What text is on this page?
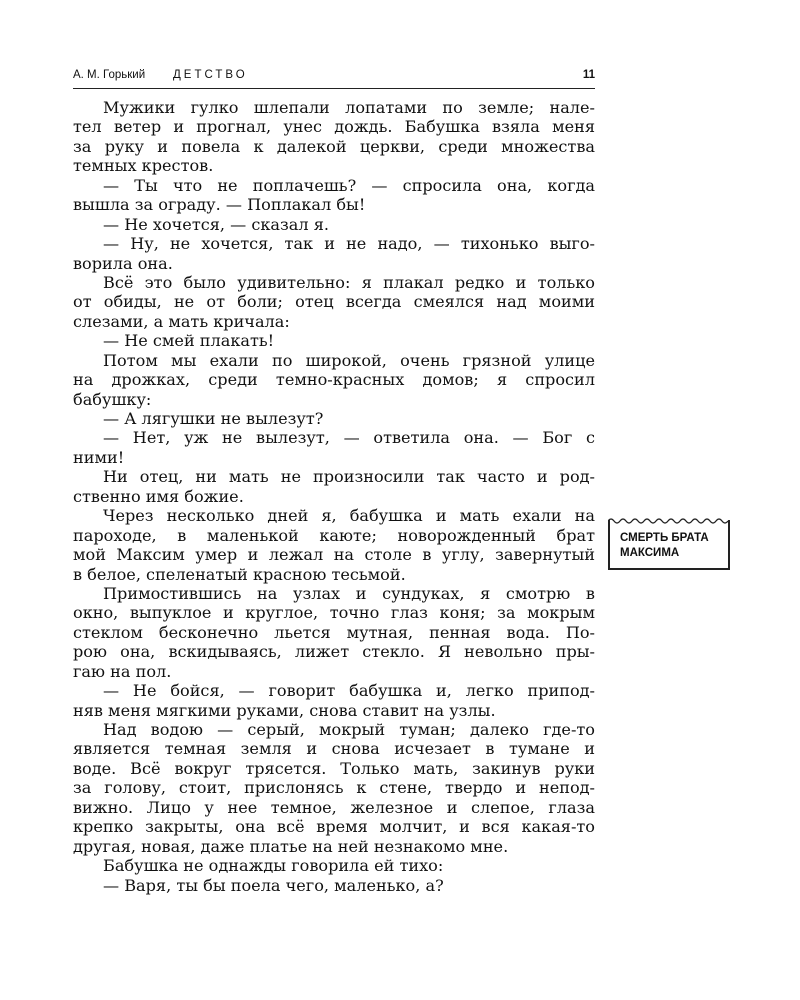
А. М. Горький ДЕТСТВО	11
Мужики гулко шлепали лопатами по земле; нале-
тел ветер и прогнал, унес дождь. Бабушка взяла меня
за руку и повела к далекой церкви, среди множества
темных крестов.
— Ты что не поплачешь? — спросила она, когда
вышла за ограду. — Поплакал бы!
— Не хочется, — сказал я.
— Ну, не хочется, так и не надо, — тихонько выго-
ворила она.
Всё это было удивительно: я плакал редко и только
от обиды, не от боли; отец всегда смеялся над моими
слезами, а мать кричала:
— Не смей плакать!
Потом мы ехали по широкой, очень грязной улице
на дрожках, среди темно-красных домов; я спросил
бабушку:
— А лягушки не вылезут?
— Нет, уж не вылезут, — ответила она. — Бог с
ними!
Ни отец, ни мать не произносили так часто и род-
ственно имя божие.
Через несколько дней я, бабушка и мать ехали на
пароходе, в маленькой каюте; новорожденный брат
мой Максим умер и лежал на столе в углу, завернутый
в белое, спеленатый красною тесьмой.
Примостившись на узлах и сундуках, я смотрю в
окно, выпуклое и круглое, точно глаз коня; за мокрым
стеклом бесконечно льется мутная, пенная вода. По-
рою она, вскидываясь, лижет стекло. Я невольно пры-
гаю на пол.
— Не бойся, — говорит бабушка и, легко припод-
няв меня мягкими руками, снова ставит на узлы.
Над водою — серый, мокрый туман; далеко где-то
является темная земля и снова исчезает в тумане и
воде. Всё вокруг трясется. Только мать, закинув руки
за голову, стоит, прислонясь к стене, твердо и непод-
вижно. Лицо у нее темное, железное и слепое, глаза
крепко закрыты, она всё время молчит, и вся какая-то
другая, новая, даже платье на ней незнакомо мне.
Бабушка не однажды говорила ей тихо:
— Варя, ты бы поела чего, маленько, а?
СМЕРТЬ БРАТА
МАКСИМА
